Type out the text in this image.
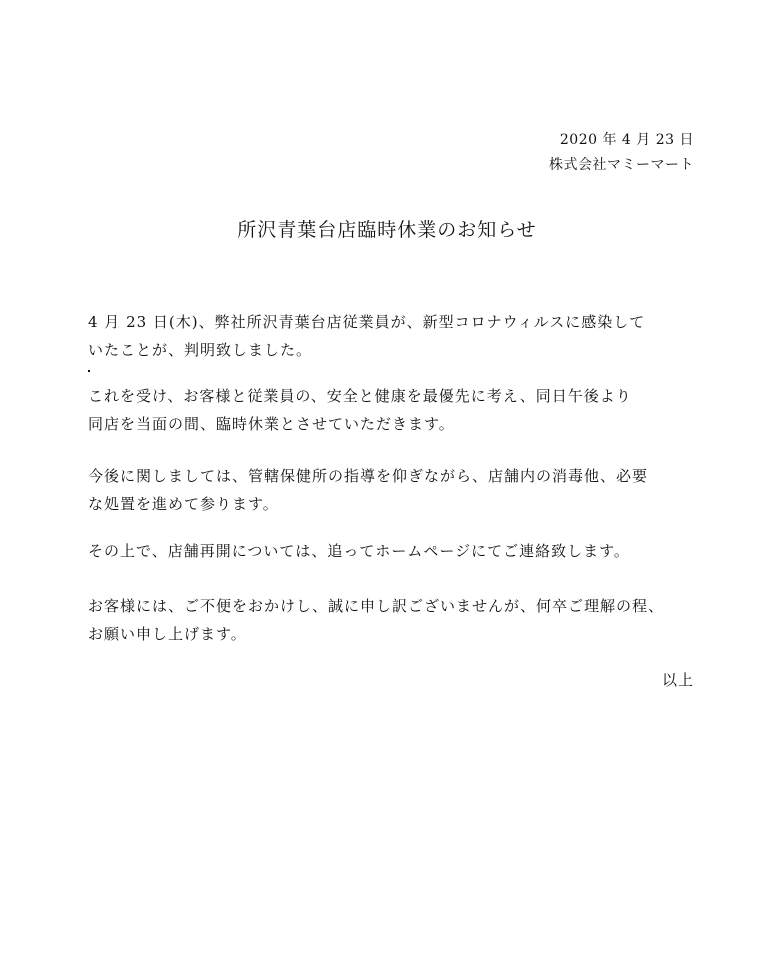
2020 年 4 月 23 日
株式会社マミーマート
所沢青葉台店臨時休業のお知らせ

4 月 23 日(木)、弊社所沢青葉台店従業員が、新型コロナウィルスに感染して
いたことが、判明致しました。

これを受け、お客様と従業員の、安全と健康を最優先に考え、同日午後より
同店を当面の間、臨時休業とさせていただきます。

今後に関しましては、管轄保健所の指導を仰ぎながら、店舗内の消毒他、必要
な処置を進めて参ります。

その上で、店舗再開については、追ってホームページにてご連絡致します。

お客様には、ご不便をおかけし、誠に申し訳ございませんが、何卒ご理解の程、
お願い申し上げます。

以上
